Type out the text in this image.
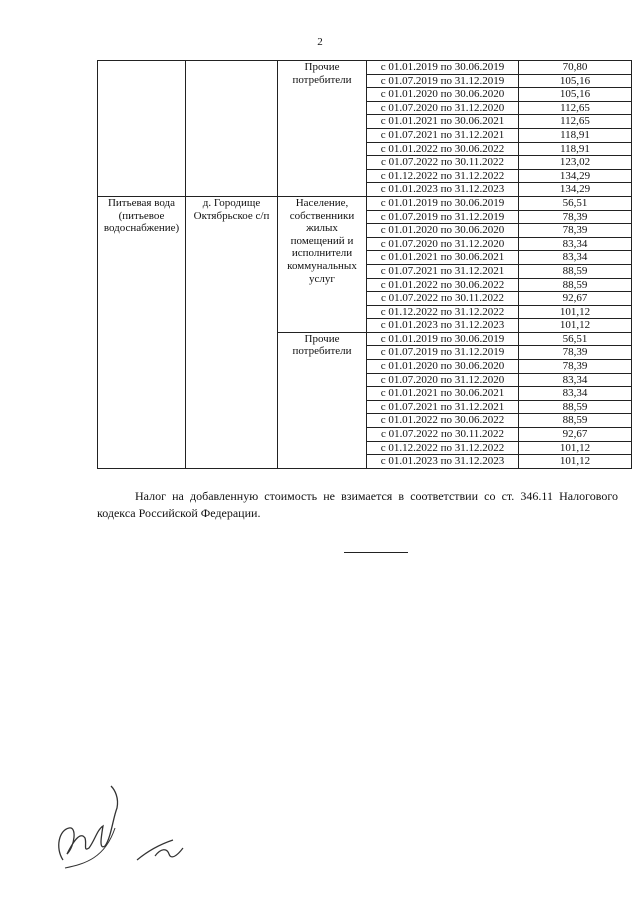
2
		Прочие потребители	с 01.01.2019 по 30.06.2019	70,80
			с 01.07.2019 по 31.12.2019	105,16
			с 01.01.2020 по 30.06.2020	105,16
			с 01.07.2020 по 31.12.2020	112,65
			с 01.01.2021 по 30.06.2021	112,65
			с 01.07.2021 по 31.12.2021	118,91
			с 01.01.2022 по 30.06.2022	118,91
			с 01.07.2022 по 30.11.2022	123,02
			с 01.12.2022 по 31.12.2022	134,29
			с 01.01.2023 по 31.12.2023	134,29
Питьевая вода (питьевое водоснабжение)	д. Городище Октябрьское с/п	Население, собственники жилых помещений и исполнители коммунальных услуг	с 01.01.2019 по 30.06.2019	56,51
			с 01.07.2019 по 31.12.2019	78,39
			с 01.01.2020 по 30.06.2020	78,39
			с 01.07.2020 по 31.12.2020	83,34
			с 01.01.2021 по 30.06.2021	83,34
			с 01.07.2021 по 31.12.2021	88,59
			с 01.01.2022 по 30.06.2022	88,59
			с 01.07.2022 по 30.11.2022	92,67
			с 01.12.2022 по 31.12.2022	101,12
			с 01.01.2023 по 31.12.2023	101,12
		Прочие потребители	с 01.01.2019 по 30.06.2019	56,51
			с 01.07.2019 по 31.12.2019	78,39
			с 01.01.2020 по 30.06.2020	78,39
			с 01.07.2020 по 31.12.2020	83,34
			с 01.01.2021 по 30.06.2021	83,34
			с 01.07.2021 по 31.12.2021	88,59
			с 01.01.2022 по 30.06.2022	88,59
			с 01.07.2022 по 30.11.2022	92,67
			с 01.12.2022 по 31.12.2022	101,12
			с 01.01.2023 по 31.12.2023	101,12
Налог на добавленную стоимость не взимается в соответствии со ст. 346.11 Налогового кодекса Российской Федерации.
